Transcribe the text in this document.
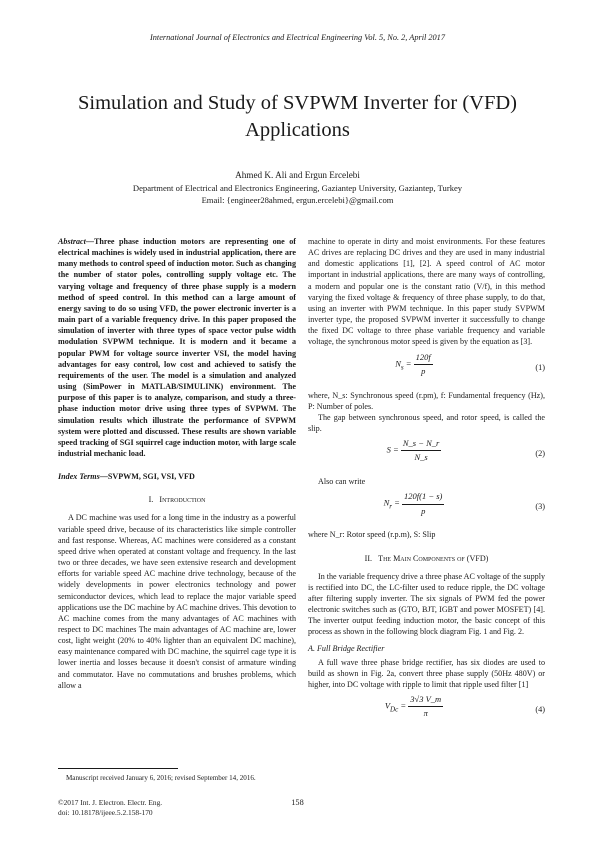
International Journal of Electronics and Electrical Engineering Vol. 5, No. 2, April 2017
Simulation and Study of SVPWM Inverter for (VFD) Applications
Ahmed K. Ali and Ergun Ercelebi
Department of Electrical and Electronics Engineering, Gaziantep University, Gaziantep, Turkey
Email: {engineer28ahmed, ergun.ercelebi}@gmail.com
Abstract—Three phase induction motors are representing one of electrical machines is widely used in industrial application, there are many methods to control speed of induction motor. Such as changing the number of stator poles, controlling supply voltage etc. The varying voltage and frequency of three phase supply is a modern method of speed control. In this method can a large amount of energy saving to do so using VFD, the power electronic inverter is a main part of a variable frequency drive. In this paper proposed the simulation of inverter with three types of space vector pulse width modulation SVPWM technique. It is modern and it became a popular PWM for voltage source inverter VSI, the model having advantages for easy control, low cost and achieved to satisfy the requirements of the user. The model is a simulation and analyzed using (SimPower in MATLAB/SIMULINK) environment. The purpose of this paper is to analyze, comparison, and study a three-phase induction motor drive using three types of SVPWM. The simulation results which illustrate the performance of SVPWM system were plotted and discussed. These results are shown variable speed tracking of SGI squirrel cage induction motor, with large scale industrial mechanic load.
Index Terms—SVPWM, SGI, VSI, VFD
I. Introduction

A DC machine was used for a long time in the industry as a powerful variable speed drive, because of its characteristics like simple controller and fast response. Whereas, AC machines were considered as a constant speed drive when operated at constant voltage and frequency. In the last two or three decades, we have seen extensive research and development efforts for variable speed AC machine drive technology, because of the widely developments in power electronics technology and power semiconductor devices, which lead to replace the major variable speed applications use the DC machine by AC machine drives. This devotion to AC machine comes from the many advantages of AC machines with respect to DC machines The main advantages of AC machine are, lower cost, light weight (20% to 40% lighter than an equivalent DC machine), easy maintenance compared with DC machine, the squirrel cage type it is lower inertia and losses because it doesn't consist of armature winding and commutator. Have no commutations and brushes problems, which allow a

machine to operate in dirty and moist environments. For these features AC drives are replacing DC drives and they are used in many industrial and domestic applications [1], [2]. A speed control of AC motor important in industrial applications, there are many ways of controlling, a modern and popular one is the constant ratio (V/f), in this method varying the fixed voltage & frequency of three phase supply, to do that, using an inverter with PWM technique. In this paper study SVPWM inverter type, the proposed SVPWM inverter it successfully to change the fixed DC voltage to three phase variable frequency and variable voltage, the synchronous motor speed is given by the equation as [3].

$N_s = \frac{120f}{p}$	(1)

where, N_s: Synchronous speed (r.pm), f: Fundamental frequency (Hz), P: Number of poles.

The gap between synchronous speed, and rotor speed, is called the slip.

$S = \frac{N\_s - N\_r}{N\_s}$	(2)

Also can write

$N_r = \frac{120f(1 - s)}{p}$	(3)

where N_r: Rotor speed (r.p.m), S: Slip

II. The Main Components of (VFD)

In the variable frequency drive a three phase AC voltage of the supply is rectified into DC, the LC-filter used to reduce ripple, the DC voltage after filtering supply inverter. The six signals of PWM fed the power electronic switches such as (GTO, BJT, IGBT and power MOSFET) [4]. The inverter output feeding induction motor, the basic concept of this process as shown in the following block diagram Fig. 1 and Fig. 2.

A. Full Bridge Rectifier

A full wave three phase bridge rectifier, has six diodes are used to build as shown in Fig. 2a, convert three phase supply (50Hz 480V) or higher, into DC voltage with ripple to limit that ripple used filter [1]

$V_{Dc} = \frac{3√3 V\_m}{\pi}$	(4)
Manuscript received January 6, 2016; revised September 14, 2016.
©2017 Int. J. Electron. Electr. Eng.
doi: 10.18178/ijeee.5.2.158-170
158
